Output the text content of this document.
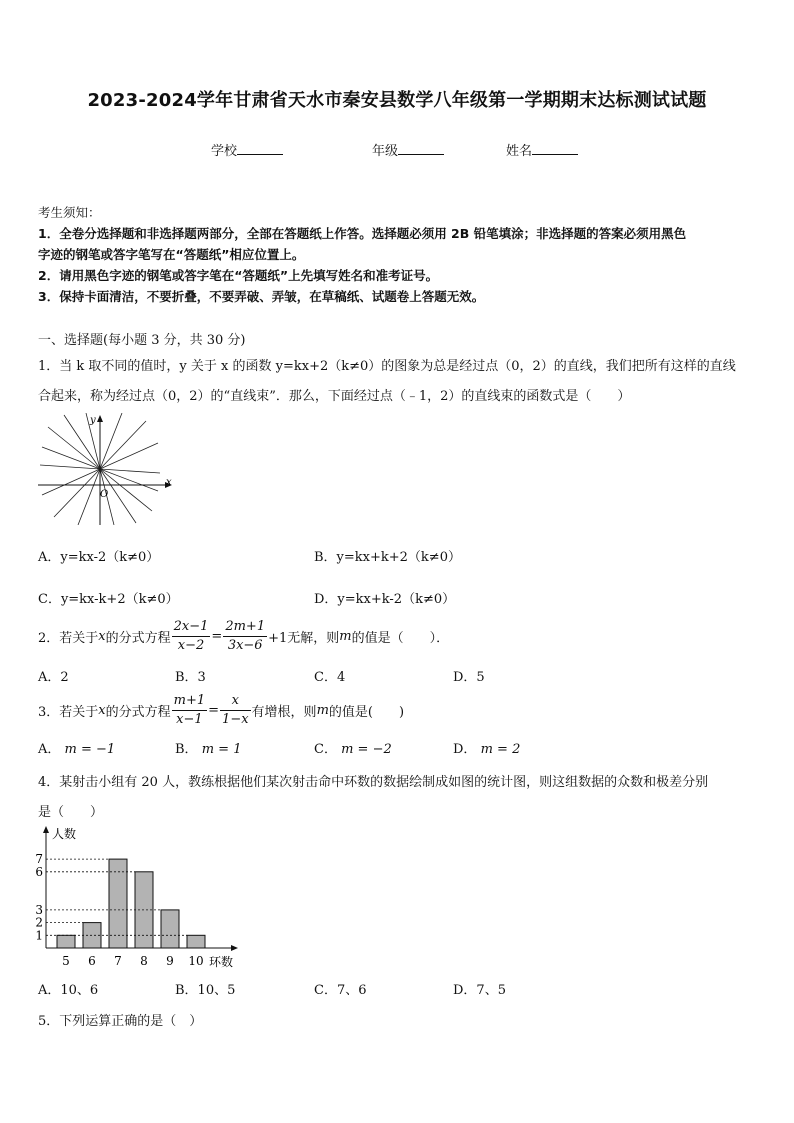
2023-2024学年甘肃省天水市秦安县数学八年级第一学期期末达标测试试题
学校	年级	姓名
考生须知：
1．全卷分选择题和非选择题两部分，全部在答题纸上作答。选择题必须用 2B 铅笔填涂；非选择题的答案必须用黑色
字迹的钢笔或答字笔写在“答题纸”相应位置上。
2．请用黑色字迹的钢笔或答字笔在“答题纸”上先填写姓名和准考证号。
3．保持卡面清洁，不要折叠，不要弄破、弄皱，在草稿纸、试题卷上答题无效。
一、选择题(每小题 3 分，共 30 分)
1．当 k 取不同的值时，y 关于 x 的函数 y=kx+2（k≠0）的图象为总是经过点（0，2）的直线，我们把所有这样的直线
合起来，称为经过点（0，2）的“直线束”．那么，下面经过点（﹣1，2）的直线束的函数式是（　　）
y
x
O
A．y=kx-2（k≠0）	B．y=kx+k+2（k≠0）
C．y=kx-k+2（k≠0）	D．y=kx+k-2（k≠0）
2．若关于 x 的分式方程 $\frac{2x-1}{x-2} = \frac{2m+1}{3x-6} +1$无解，则 m 的值是（　　）．
A．2	B．3	C．4	D．5
3．若关于 x 的分式方程 $\frac{m+1}{x-1} = \frac{x}{1-x}$ 有增根，则 m 的值是(　　)
A． m = −1	B． m = 1	C． m = −2	D． m = 2
4．某射击小组有 20 人，教练根据他们某次射击命中环数的数据绘制成如图的统计图，则这组数据的众数和极差分别
是（　　）
人数
环数
5 6 7 8 9 10
1
2
3
6
7
A．10、6	B．10、5	C．7、6	D．7、5
5．下列运算正确的是（　）
